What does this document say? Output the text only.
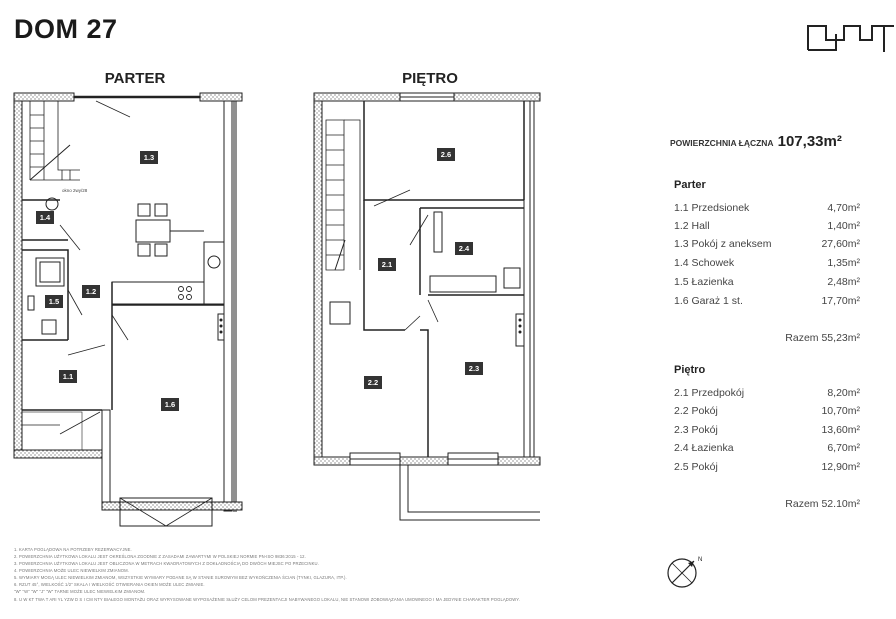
DOM 27
PARTER	PIĘTRO
okno 2wy/28
1.3
1.4
1.2
1.5
1.1
1.6
2.6
2.4
2.1
2.3
2.2
POWIERZCHNIA ŁĄCZNA 107,33m²
Parter
1.1 Przedsionek	4,70m²
1.2 Hall	1,40m²
1.3 Pokój z aneksem	27,60m²
1.4 Schowek	1,35m²
1.5 Łazienka	2,48m²
1.6 Garaż 1 st.	17,70m²
Razem 55,23m²
Piętro
2.1 Przedpokój	8,20m²
2.2 Pokój	10,70m²
2.3 Pokój	13,60m²
2.4 Łazienka	6,70m²
2.5 Pokój	12,90m²
Razem 52.10m²
N
1. KARTA POGLĄDOWA NA POTRZEBY REZERWACYJNE.
2. POWIERZCHNIA UŻYTKOWA LOKALU JEST OKREŚLONA ZGODNIE Z ZASADAMI ZAWARTYMI W POLSKIEJ NORMIE PN-ISO 9836:2015 - 12.
3. POWIERZCHNIA UŻYTKOWA LOKALU JEST OBLICZONA W METRACH KWADRATOWYCH Z DOKŁADNOŚCIĄ DO DWÓCH MIEJSC PO PRZECINKU.
4. POWIERZCHNIA MOŻE ULEC NIEWIELKIM ZMIANOM.
5. WYMIARY MOGĄ ULEC NIEWIELKIM ZMIANOM, WSZYSTKIE WYMIARY PODANE SĄ W STANIE SUROWYM BEZ WYKOŃCZENIA ŚCIAN (TYNKI, GLAZURA, ITP.).
6. RZUT 45°, WIELKOŚĆ 1/2" SKALA I WIELKOŚĆ OTWIERANIA OKIEN MOŻE ULEC ZMIANIE.
"W" "W" "W" "J" "W" TARNE MOŻE ULEC NIEWIELKIM ZMIANOM.
8. U W KT TWA T ARI YL YZW D S I CM NTY BIAŁEGO MONTAŻU ORAZ WYRYSOWANE WYPOSAŻENIE SŁUŻY CELOM PREZENTACJI NABYWANEGO LOKALU, NIE STANOWI ZOBOWIĄZANIA UMOWNEGO I MA JEDYNIE CHARAKTER POGLĄDOWY.
